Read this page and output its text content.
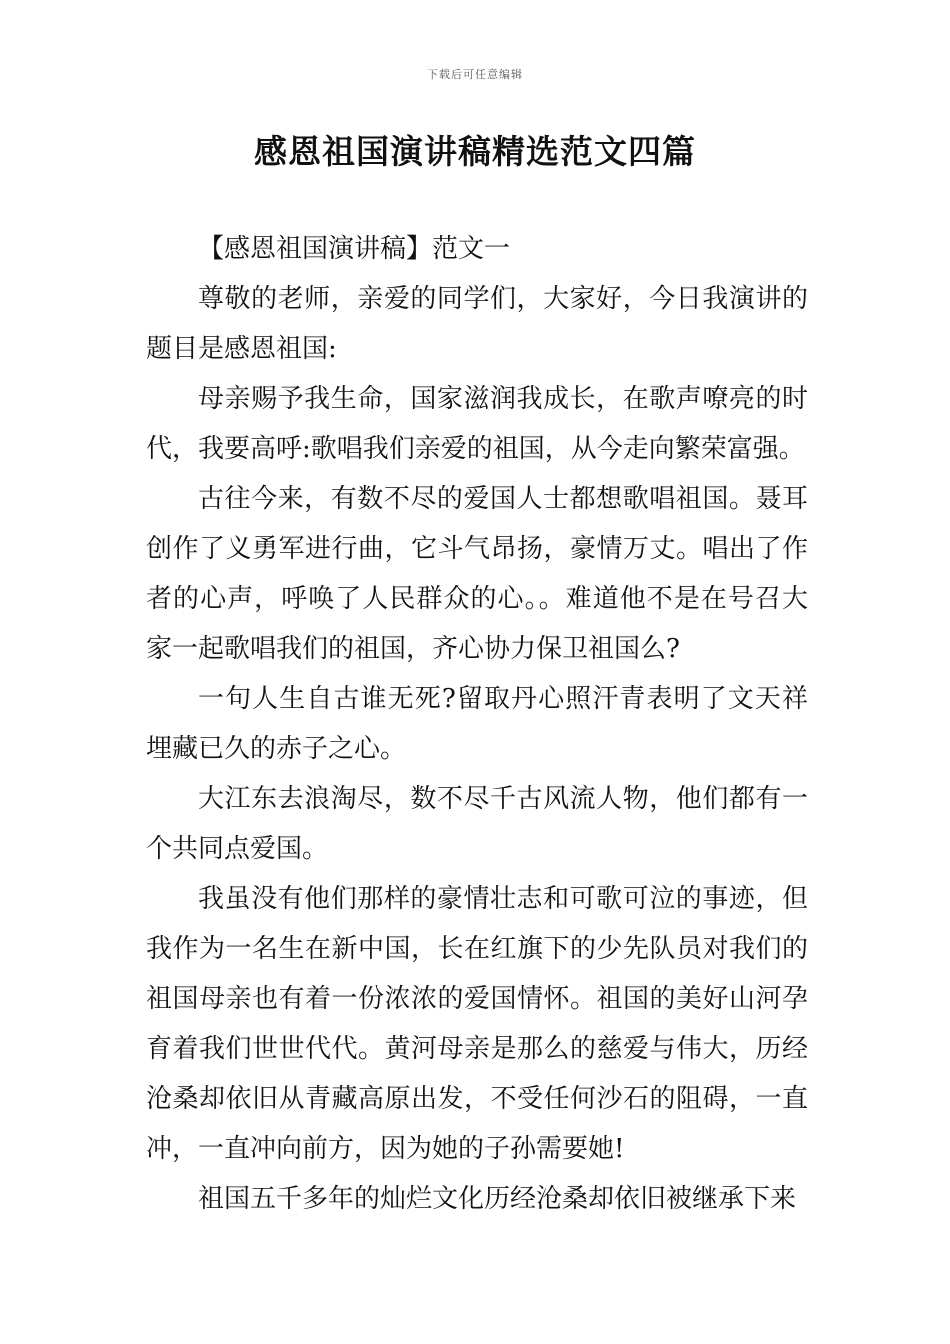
下载后可任意编辑
感恩祖国演讲稿精选范文四篇

【感恩祖国演讲稿】范文一

尊敬的老师，亲爱的同学们，大家好，今日我演讲的题目是感恩祖国:

母亲赐予我生命，国家滋润我成长，在歌声嘹亮的时代，我要高呼:歌唱我们亲爱的祖国，从今走向繁荣富强。

古往今来，有数不尽的爱国人士都想歌唱祖国。聂耳创作了义勇军进行曲，它斗气昂扬，豪情万丈。唱出了作者的心声，呼唤了人民群众的心。。难道他不是在号召大家一起歌唱我们的祖国，齐心协力保卫祖国么?

一句人生自古谁无死?留取丹心照汗青表明了文天祥埋藏已久的赤子之心。

大江东去浪淘尽，数不尽千古风流人物，他们都有一个共同点爱国。

我虽没有他们那样的豪情壮志和可歌可泣的事迹，但我作为一名生在新中国，长在红旗下的少先队员对我们的祖国母亲也有着一份浓浓的爱国情怀。祖国的美好山河孕育着我们世世代代。黄河母亲是那么的慈爱与伟大，历经沧桑却依旧从青藏高原出发，不受任何沙石的阻碍，一直冲，一直冲向前方，因为她的子孙需要她!

祖国五千多年的灿烂文化历经沧桑却依旧被继承下来
